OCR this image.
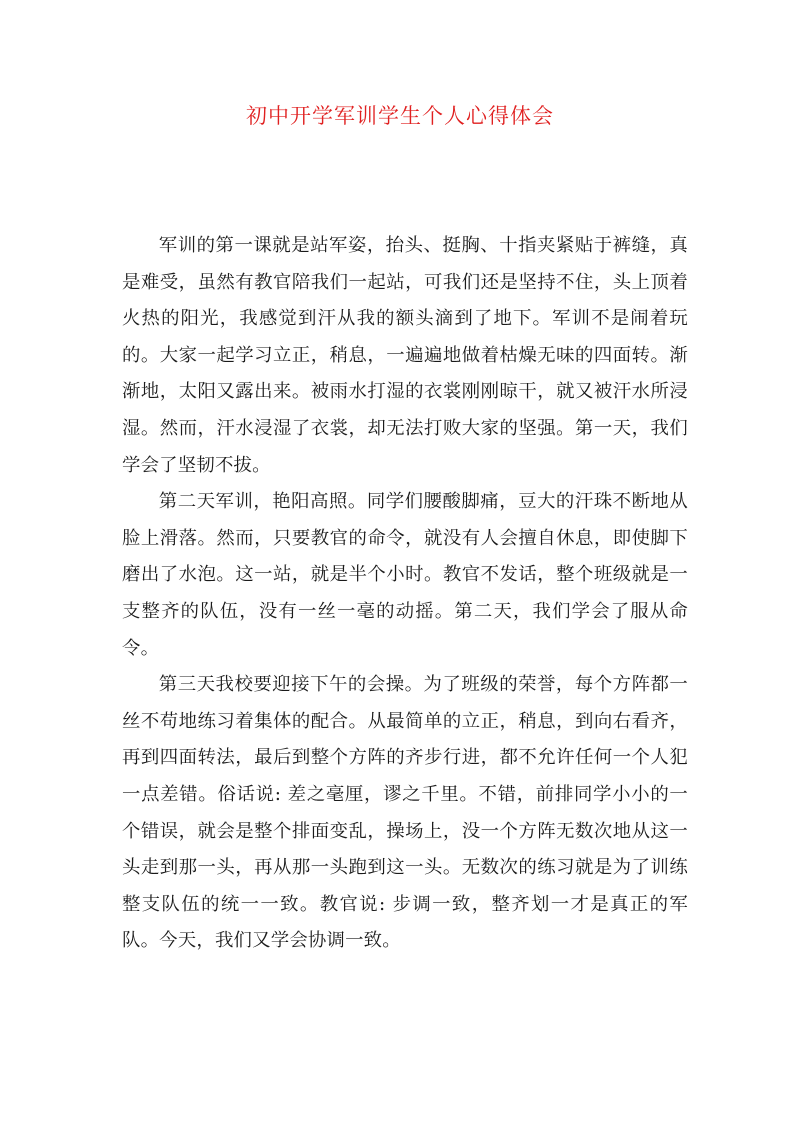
初中开学军训学生个人心得体会

军训的第一课就是站军姿，抬头、挺胸、十指夹紧贴于裤缝，真是难受，虽然有教官陪我们一起站，可我们还是坚持不住，头上顶着火热的阳光，我感觉到汗从我的额头滴到了地下。军训不是闹着玩的。大家一起学习立正，稍息，一遍遍地做着枯燥无味的四面转。渐渐地，太阳又露出来。被雨水打湿的衣裳刚刚晾干，就又被汗水所浸湿。然而，汗水浸湿了衣裳，却无法打败大家的坚强。第一天，我们学会了坚韧不拔。

第二天军训，艳阳高照。同学们腰酸脚痛，豆大的汗珠不断地从脸上滑落。然而，只要教官的命令，就没有人会擅自休息，即使脚下磨出了水泡。这一站，就是半个小时。教官不发话，整个班级就是一支整齐的队伍，没有一丝一毫的动摇。第二天，我们学会了服从命令。

第三天我校要迎接下午的会操。为了班级的荣誉，每个方阵都一丝不苟地练习着集体的配合。从最简单的立正，稍息，到向右看齐，再到四面转法，最后到整个方阵的齐步行进，都不允许任何一个人犯一点差错。俗话说: 差之毫厘，谬之千里。不错，前排同学小小的一个错误，就会是整个排面变乱，操场上，没一个方阵无数次地从这一头走到那一头，再从那一头跑到这一头。无数次的练习就是为了训练整支队伍的统一一致。教官说: 步调一致，整齐划一才是真正的军队。今天，我们又学会协调一致。
